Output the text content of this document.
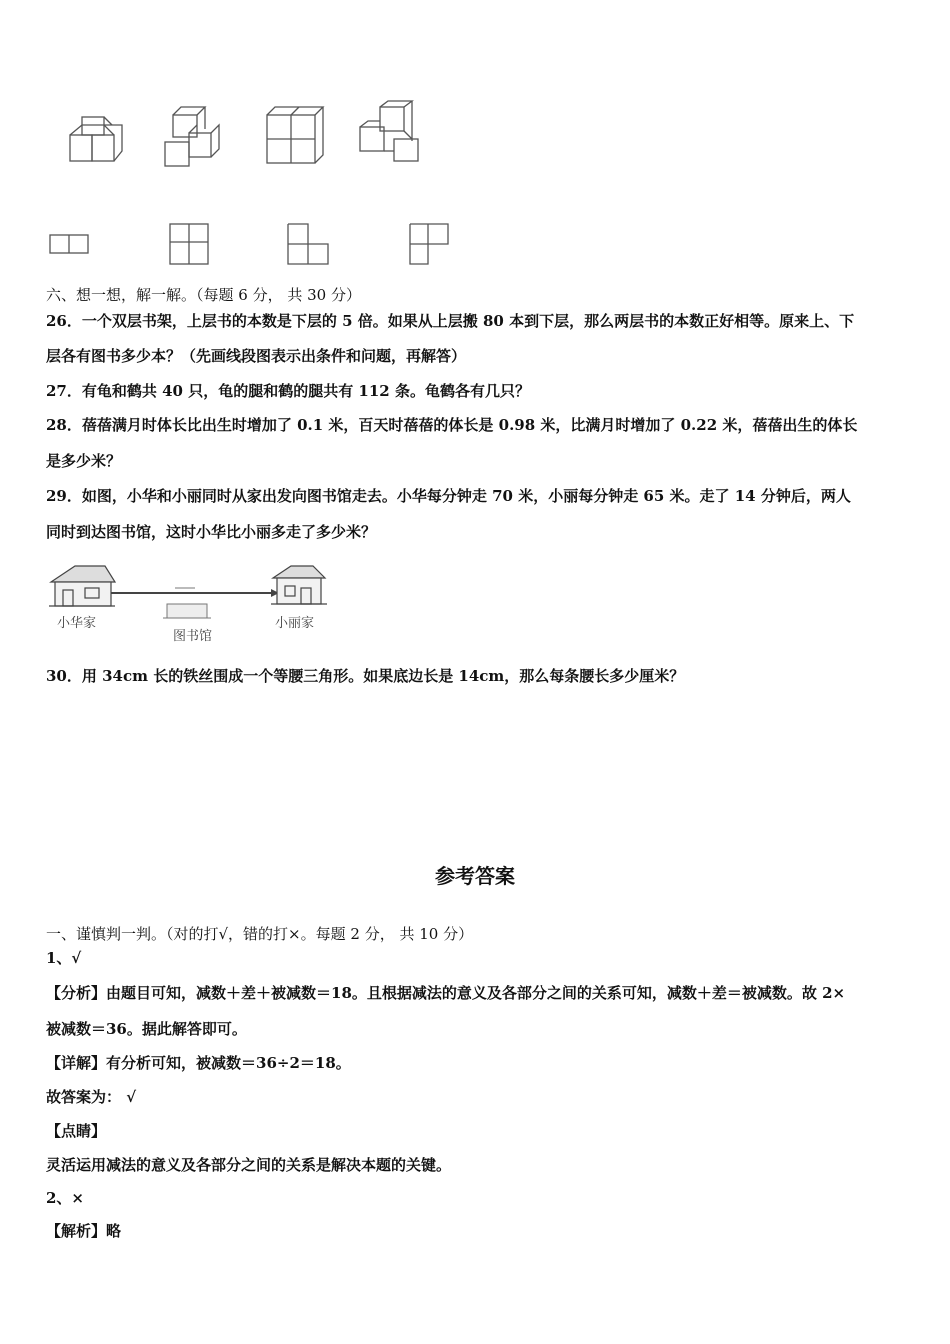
六、想一想，解一解。（每题 6 分， 共 30 分）
26．一个双层书架，上层书的本数是下层的 5 倍。如果从上层搬 80 本到下层，那么两层书的本数正好相等。原来上、下
层各有图书多少本？（先画线段图表示出条件和问题，再解答）
27．有龟和鹤共 40 只，龟的腿和鹤的腿共有 112 条。龟鹤各有几只？
28．蓓蓓满月时体长比出生时增加了 0.1 米，百天时蓓蓓的体长是 0.98 米，比满月时增加了 0.22 米，蓓蓓出生的体长
是多少米？
29．如图，小华和小丽同时从家出发向图书馆走去。小华每分钟走 70 米，小丽每分钟走 65 米。走了 14 分钟后，两人
同时到达图书馆，这时小华比小丽多走了多少米？
小华家
图书馆
小丽家
30．用 34cm 长的铁丝围成一个等腰三角形。如果底边长是 14cm，那么每条腰长多少厘米？
参考答案
一、谨慎判一判。（对的打√，错的打×。每题 2 分， 共 10 分）
1、√
【分析】由题目可知，减数＋差＋被减数＝18。且根据减法的意义及各部分之间的关系可知，减数＋差＝被减数。故 2×
被减数＝36。据此解答即可。
【详解】有分析可知，被减数＝36÷2＝18。
故答案为： √
【点睛】
灵活运用减法的意义及各部分之间的关系是解决本题的关键。
2、×
【解析】略
